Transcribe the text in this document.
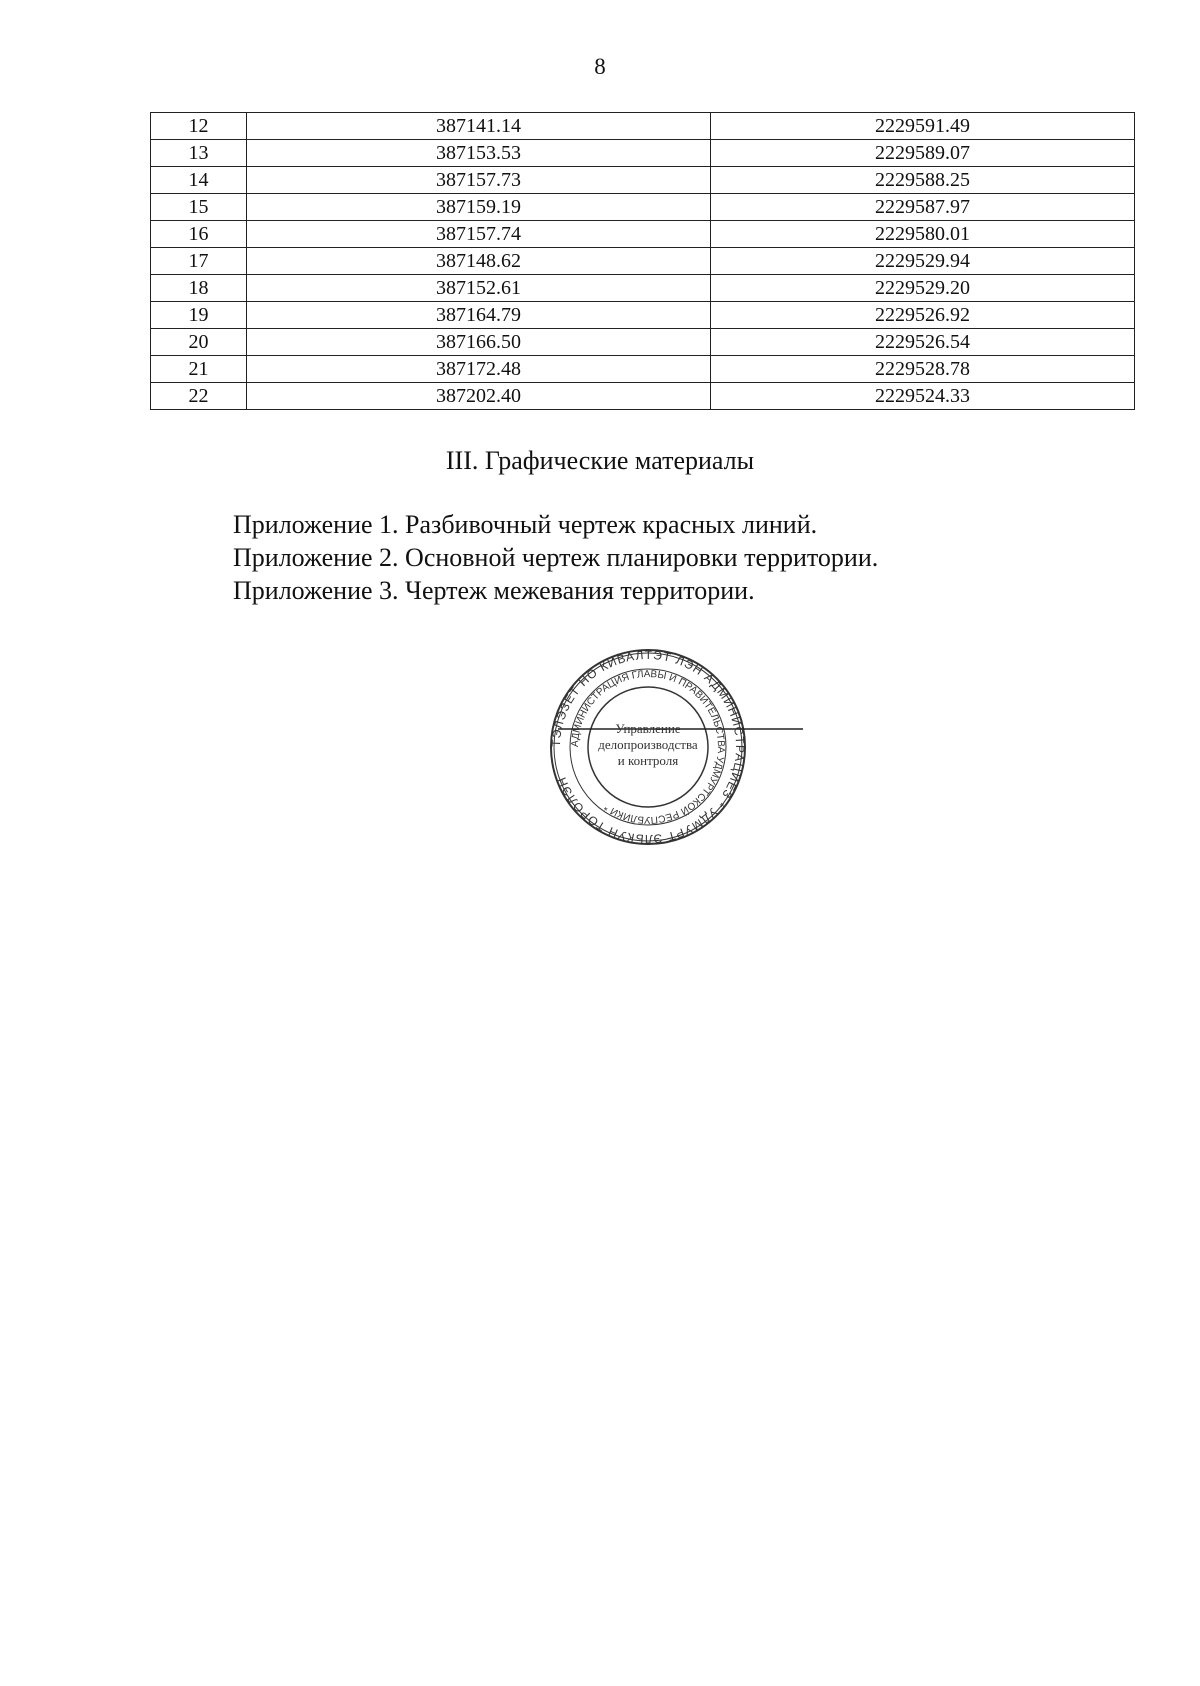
8
12	387141.14	2229591.49
13	387153.53	2229589.07
14	387157.73	2229588.25
15	387159.19	2229587.97
16	387157.74	2229580.01
17	387148.62	2229529.94
18	387152.61	2229529.20
19	387164.79	2229526.92
20	387166.50	2229526.54
21	387172.48	2229528.78
22	387202.40	2229524.33
III. Графические материалы
Приложение 1. Разбивочный чертеж красных линий.
Приложение 2. Основной чертеж планировки территории.
Приложение 3. Чертеж межевания территории.
ТЭЛЭЗЕТ НО КИВАЛТЭТ ЛЭН АДМИНИСТРАЦИЕЗ * УДМУРТ ЭЛЬКУН ТОРОЛЭН
АДМИНИСТРАЦИЯ ГЛАВЫ И ПРАВИТЕЛЬСТВА УДМУРТСКОЙ РЕСПУБЛИКИ *
Управление
делопроизводства
и контроля
